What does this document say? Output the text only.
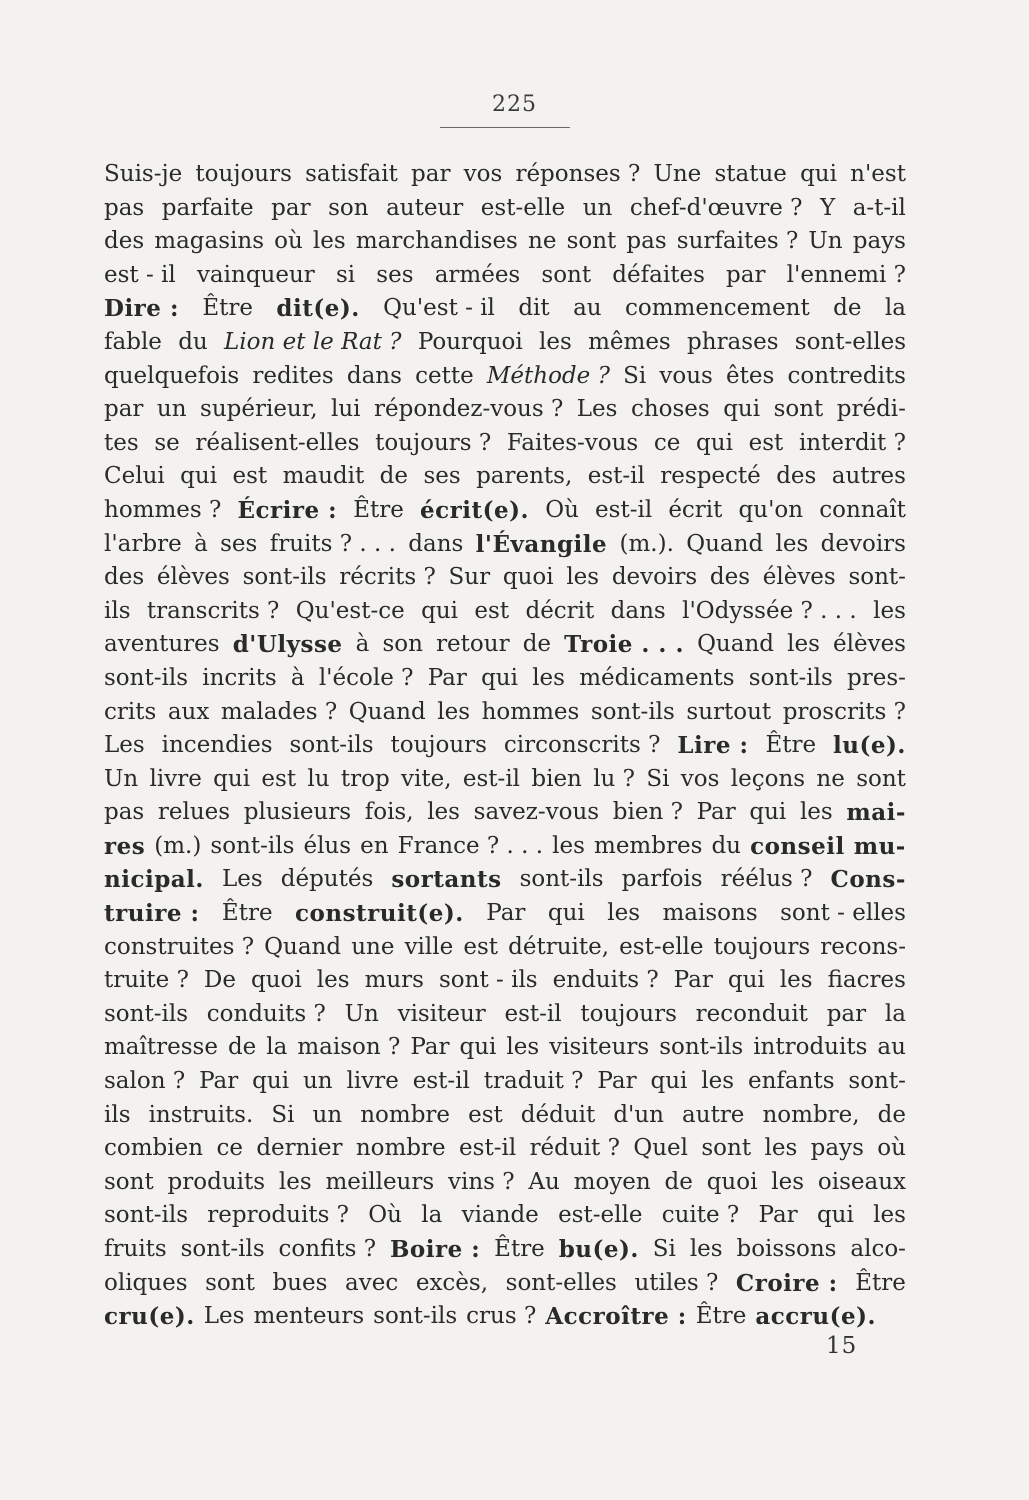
225
Suis-je toujours satisfait par vos réponses ? Une statue qui n'est
pas parfaite par son auteur est-elle un chef-d'œuvre ? Y a-t-il
des magasins où les marchandises ne sont pas surfaites ? Un pays
est - il vainqueur si ses armées sont défaites par l'ennemi ?
Dire : Être dit(e). Qu'est - il dit au commencement de la
fable du Lion et le Rat ? Pourquoi les mêmes phrases sont-elles
quelquefois redites dans cette Méthode ? Si vous êtes contredits
par un supérieur, lui répondez-vous ? Les choses qui sont prédi-
tes se réalisent-elles toujours ? Faites-vous ce qui est interdit ?
Celui qui est maudit de ses parents, est-il respecté des autres
hommes ? Écrire : Être écrit(e). Où est-il écrit qu'on connaît
l'arbre à ses fruits ? . . . dans l'Évangile (m.). Quand les devoirs
des élèves sont-ils récrits ? Sur quoi les devoirs des élèves sont-
ils transcrits ? Qu'est-ce qui est décrit dans l'Odyssée ? . . . les
aventures d'Ulysse à son retour de Troie . . . Quand les élèves
sont-ils incrits à l'école ? Par qui les médicaments sont-ils pres-
crits aux malades ? Quand les hommes sont-ils surtout proscrits ?
Les incendies sont-ils toujours circonscrits ? Lire : Être lu(e).
Un livre qui est lu trop vite, est-il bien lu ? Si vos leçons ne sont
pas relues plusieurs fois, les savez-vous bien ? Par qui les mai-
res (m.) sont-ils élus en France ? . . . les membres du conseil mu-
nicipal. Les députés sortants sont-ils parfois réélus ? Cons-
truire : Être construit(e). Par qui les maisons sont - elles
construites ? Quand une ville est détruite, est-elle toujours recons-
truite ? De quoi les murs sont - ils enduits ? Par qui les fiacres
sont-ils conduits ? Un visiteur est-il toujours reconduit par la
maîtresse de la maison ? Par qui les visiteurs sont-ils introduits au
salon ? Par qui un livre est-il traduit ? Par qui les enfants sont-
ils instruits. Si un nombre est déduit d'un autre nombre, de
combien ce dernier nombre est-il réduit ? Quel sont les pays où
sont produits les meilleurs vins ? Au moyen de quoi les oiseaux
sont-ils reproduits ? Où la viande est-elle cuite ? Par qui les
fruits sont-ils confits ? Boire : Être bu(e). Si les boissons alco-
oliques sont bues avec excès, sont-elles utiles ? Croire : Être
cru(e). Les menteurs sont-ils crus ? Accroître : Être accru(e).
15
